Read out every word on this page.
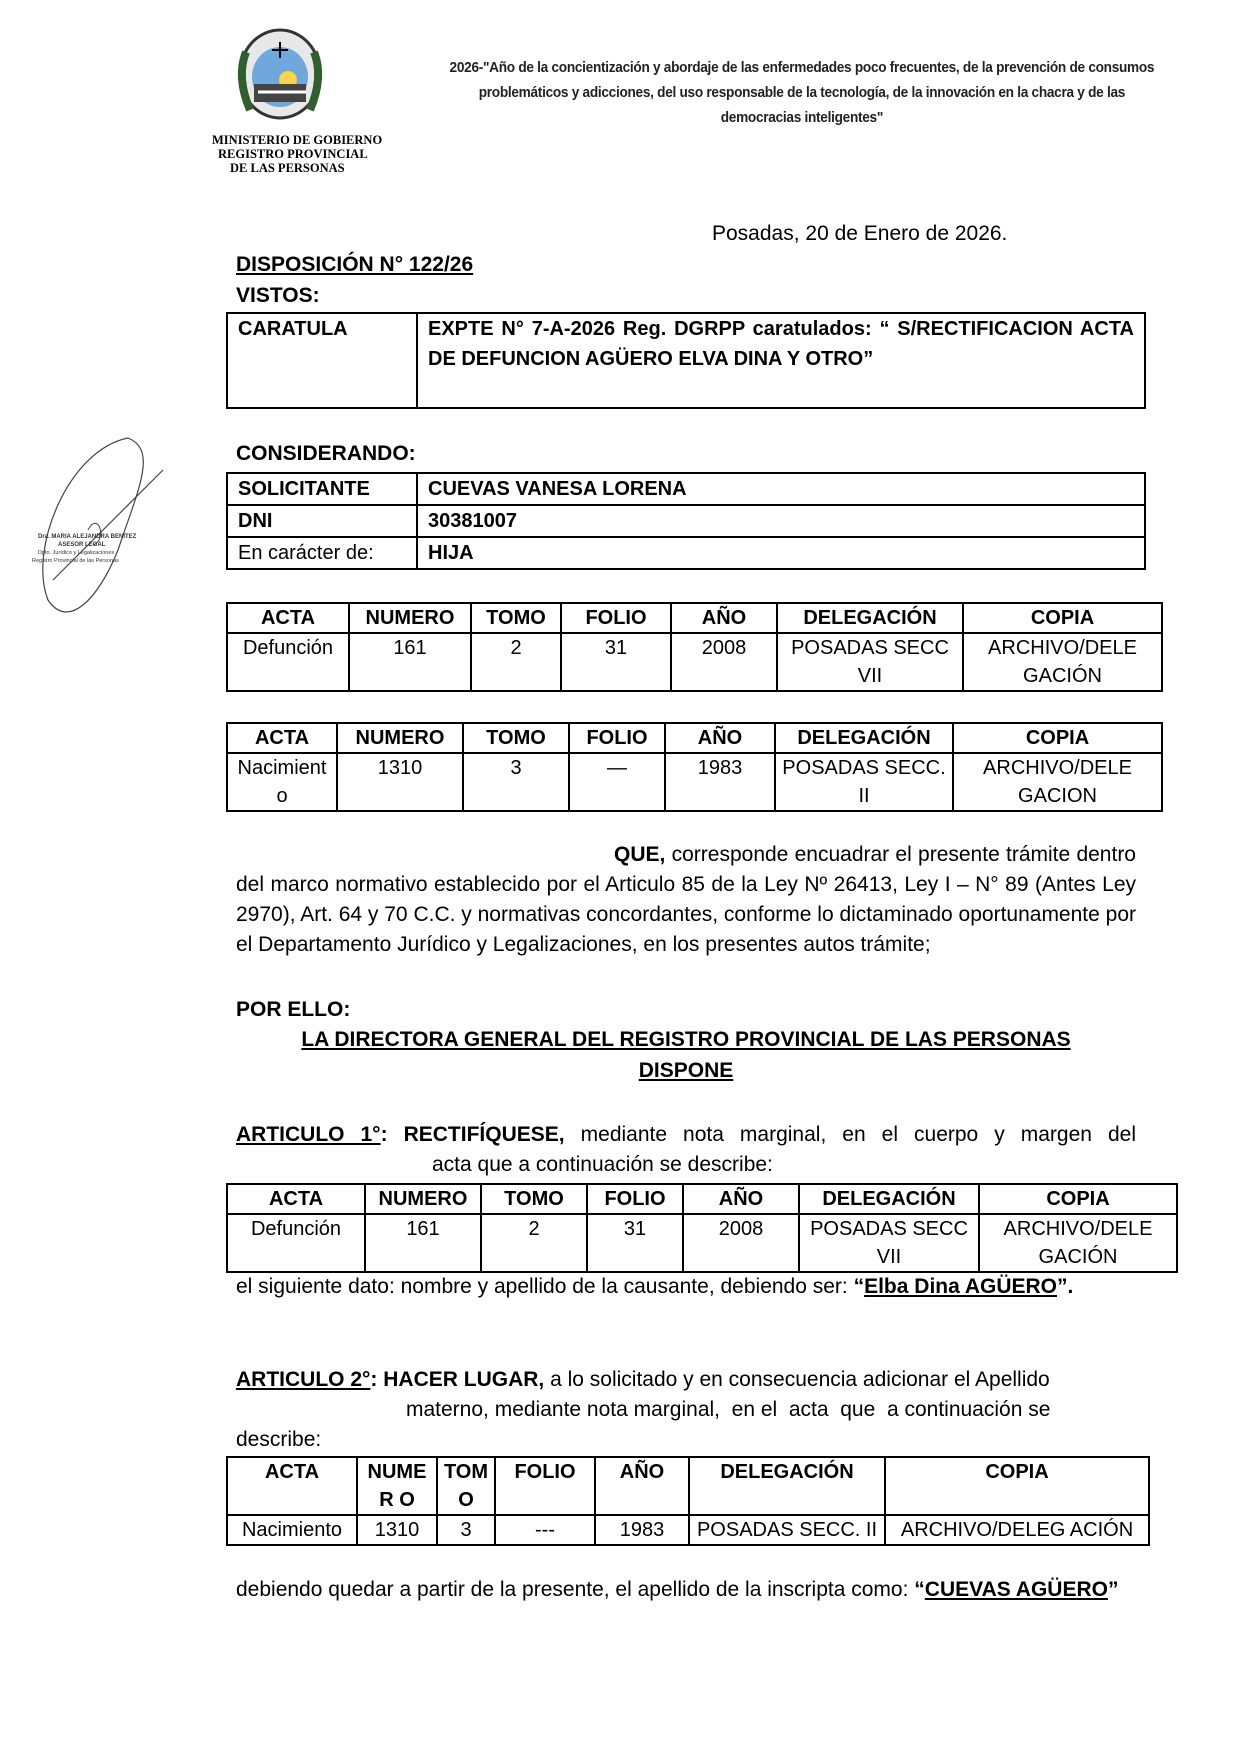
MINISTERIO DE GOBIERNO
REGISTRO PROVINCIAL
DE LAS PERSONAS
2026-"Año de la concientización y abordaje de las enfermedades poco frecuentes, de la prevención de consumos problemáticos y adicciones, del uso responsable de la tecnología, de la innovación en la chacra y de las democracias inteligentes"
Posadas, 20 de Enero de 2026.
DISPOSICIÓN N° 122/26
VISTOS:
CARATULA	EXPTE N° 7-A-2026 Reg. DGRPP caratulados: “ S/RECTIFICACION ACTA DE DEFUNCION AGÜERO ELVA DINA Y OTRO”
CONSIDERANDO:
SOLICITANTE	CUEVAS VANESA LORENA
DNI	30381007
En carácter de:	HIJA
ACTA	NUMERO	TOMO	FOLIO	AÑO	DELEGACIÓN	COPIA
Defunción	161	2	31	2008	POSADAS SECC VII	ARCHIVO/DELE GACIÓN
ACTA	NUMERO	TOMO	FOLIO	AÑO	DELEGACIÓN	COPIA
Nacimient o	1310	3	—	1983	POSADAS SECC. II	ARCHIVO/DELE GACION
QUE, corresponde encuadrar el presente trámite dentro del marco normativo establecido por el Articulo 85 de la Ley Nº 26413, Ley I – N° 89 (Antes Ley 2970), Art. 64 y 70 C.C. y normativas concordantes, conforme lo dictaminado oportunamente por el Departamento Jurídico y Legalizaciones, en los presentes autos trámite;
POR ELLO:
LA DIRECTORA GENERAL DEL REGISTRO PROVINCIAL DE LAS PERSONAS
DISPONE
ARTICULO 1°: RECTIFÍQUESE, mediante nota marginal, en el cuerpo y margen del
acta que a continuación se describe:
ACTA	NUMERO	TOMO	FOLIO	AÑO	DELEGACIÓN	COPIA
Defunción	161	2	31	2008	POSADAS SECC VII	ARCHIVO/DELE GACIÓN
el siguiente dato: nombre y apellido de la causante, debiendo ser: “Elba Dina AGÜERO”.
ARTICULO 2°: HACER LUGAR, a lo solicitado y en consecuencia adicionar el Apellido
materno, mediante nota marginal,  en el  acta  que  a continuación se
describe:
ACTA	NUMER O	TOM O	FOLIO	AÑO	DELEGACIÓN	COPIA
Nacimiento	1310	3	---	1983	POSADAS SECC. II	ARCHIVO/DELEG ACIÓN
debiendo quedar a partir de la presente, el apellido de la inscripta como: “CUEVAS AGÜERO”
Dra. MARIA ALEJANDRA BENITEZ
ASESOR LEGAL
Dpto. Jurídico y Legalizaciones
Registro Provincial de las Personas
